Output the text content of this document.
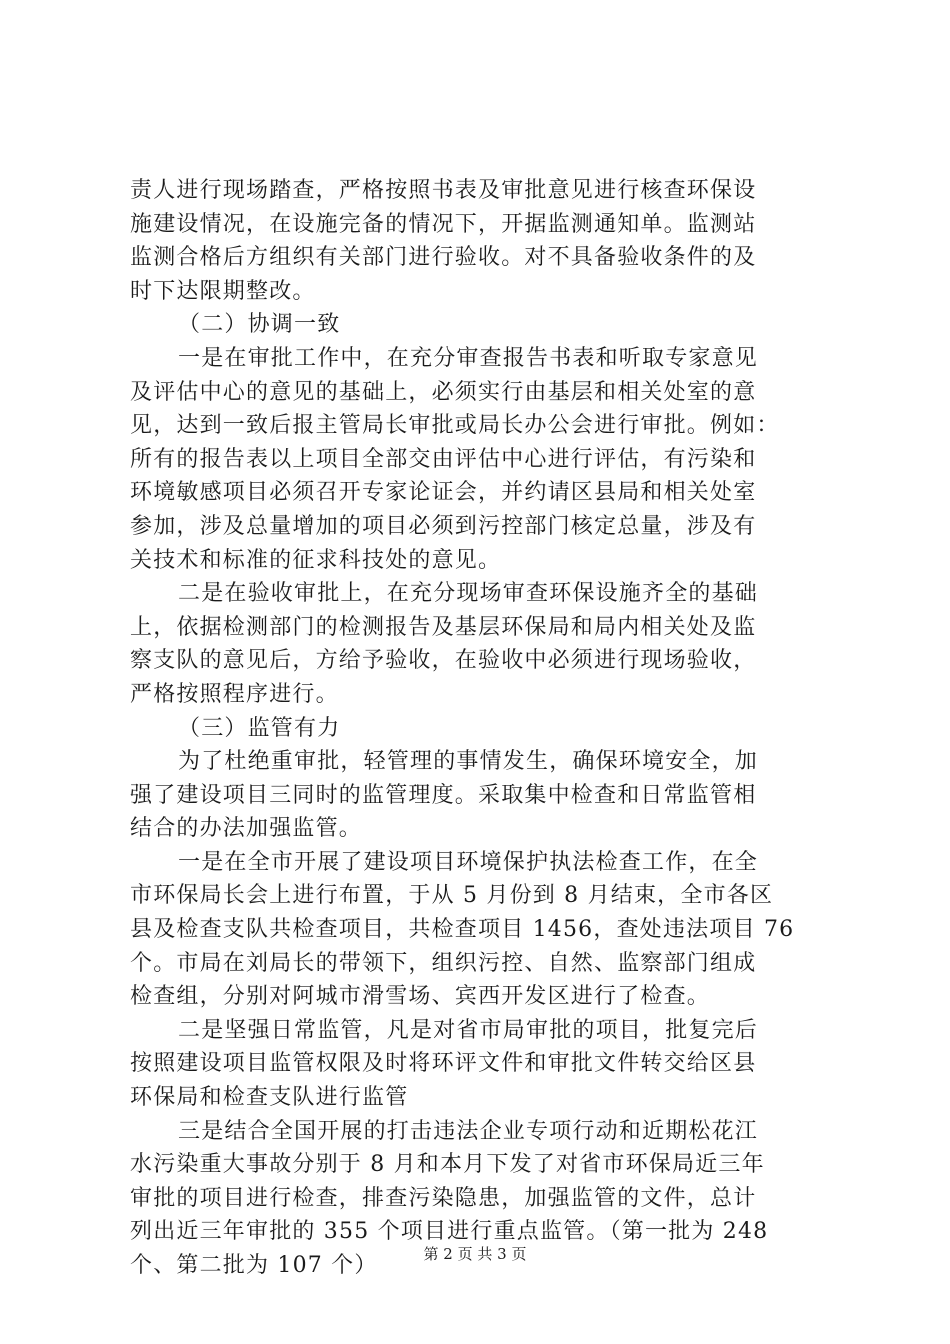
责人进行现场踏查，严格按照书表及审批意见进行核查环保设

施建设情况，在设施完备的情况下，开据监测通知单。监测站

监测合格后方组织有关部门进行验收。对不具备验收条件的及

时下达限期整改。

（二）协调一致

一是在审批工作中，在充分审查报告书表和听取专家意见

及评估中心的意见的基础上，必须实行由基层和相关处室的意

见，达到一致后报主管局长审批或局长办公会进行审批。例如：

所有的报告表以上项目全部交由评估中心进行评估，有污染和

环境敏感项目必须召开专家论证会，并约请区县局和相关处室

参加，涉及总量增加的项目必须到污控部门核定总量，涉及有

关技术和标准的征求科技处的意见。

二是在验收审批上，在充分现场审查环保设施齐全的基础

上，依据检测部门的检测报告及基层环保局和局内相关处及监

察支队的意见后，方给予验收，在验收中必须进行现场验收，

严格按照程序进行。

（三）监管有力

为了杜绝重审批，轻管理的事情发生，确保环境安全，加

强了建设项目三同时的监管理度。采取集中检查和日常监管相

结合的办法加强监管。

一是在全市开展了建设项目环境保护执法检查工作，在全

市环保局长会上进行布置，于从 5 月份到 8 月结束，全市各区

县及检查支队共检查项目，共检查项目 1456，查处违法项目 76

个。市局在刘局长的带领下，组织污控、自然、监察部门组成

检查组，分别对阿城市滑雪场、宾西开发区进行了检查。

二是坚强日常监管，凡是对省市局审批的项目，批复完后

按照建设项目监管权限及时将环评文件和审批文件转交给区县

环保局和检查支队进行监管

三是结合全国开展的打击违法企业专项行动和近期松花江

水污染重大事故分别于 8 月和本月下发了对省市环保局近三年

审批的项目进行检查，排查污染隐患，加强监管的文件，总计

列出近三年审批的 355 个项目进行重点监管。（第一批为 248

个、第二批为 107 个）	第 2 页 共 3 页
